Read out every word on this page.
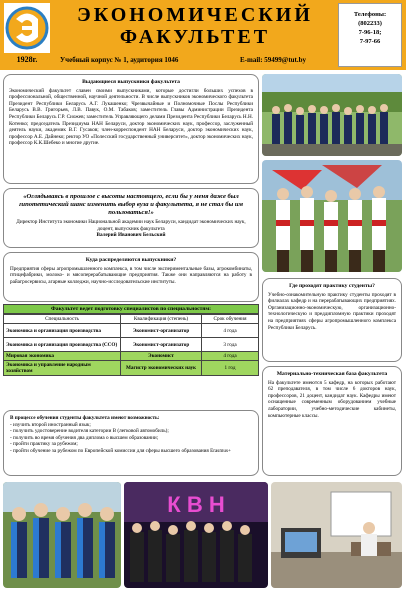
1928г.
ЭКОНОМИЧЕСКИЙ
ФАКУЛЬТЕТ
Учебный корпус № 1, аудитория 1046	E-mail: 59499@tut.by
Телефоны:
(802233)
7-96-18;
7-97-66
Выдающиеся выпускники факультета
Экономический факультет славен своими выпускниками, которые достигли больших успехов в профессиональной, общественной, научной деятельности. В числе выпускников экономического факультета Президент Республики Беларусь А.Г. Лукашенко; Чрезвычайные и Полномочные Послы Республики Беларусь В.В. Григорьев, Л.В. Павук, О.М. Табаков; заместитель Главы Администрации Президента Республики Беларусь Г.Р. Сиожев; заместитель Управляющего делами Президента Республики Беларусь Н.Н. Котенко; председатель Президиума НАН Беларуси, доктор экономических наук, профессор, заслуженный деятель науки, академик В.Г. Гусаков; член-корреспондент НАН Беларуси, доктор экономических наук, профессор А.Е. Дайнеко; ректор УО «Полесский государственный университет», доктор экономических наук, профессор К.К.Шебеко и многие другие.
«Оглядываясь в прошлое с высоты настоящего, если бы у меня даже был гипотетический шанс изменить выбор вуза и факультета, я не стал бы им пользоваться!»
Директор Института экономики Национальной академии наук Беларуси, кандидат экономических наук, доцент, выпускник факультета
Валерий Иванович Бельский
Куда распределяются выпускники?
Предприятия сферы агропромышленного комплекса, в том числе экспериментальные базы, агрокомбинаты, птицефабрики, молоко- и мясоперерабатывающие предприятия. Также они направляются на работу в райагросервисы, агарные колледжи, научно-исследовательские институты.
Где проходят практику студенты?
Учебно-ознакомительную практику студенты проходят в филиалах кафедр и на перерабатывающих предприятиях. Организационно-экономическую, организационно-технологическую и преддипломную практики проходят на предприятиях сферы агропромышленного комплекса Республики Беларусь.
Факультет ведет подготовку специалистов по специальностям:
Специальность	Квалификация (степень)	Срок обучения
Экономика и организация производства	Экономист-организатор	4 года
Экономика и организация производства (ССО)	Экономист-организатор	3 года
Мировая экономика	Экономист	4 года
Экономика и управление народным хозяйством	Магистр экономических наук	1 год
Материально-техническая база факультета
На факультете имеются 5 кафедр, на которых работают 62 преподавателя, в том числе 6 докторов наук, профессоров, 21 доцент, кандидат наук. Кафедры имеют оснащенные современным оборудованием учебные лаборатории, учебно-методические кабинеты, компьютерные классы.
В процессе обучения студенты факультета имеют возможность:
- изучить второй иностранный язык;
- получить удостоверение водителя категории В (легковой автомобиль);
- получить во время обучения два диплома о высшем образовании;
- пройти практику за рубежом;
- пройти обучение за рубежом по Европейской комиссии для сферы высшего образования Erasmus+
К В Н
